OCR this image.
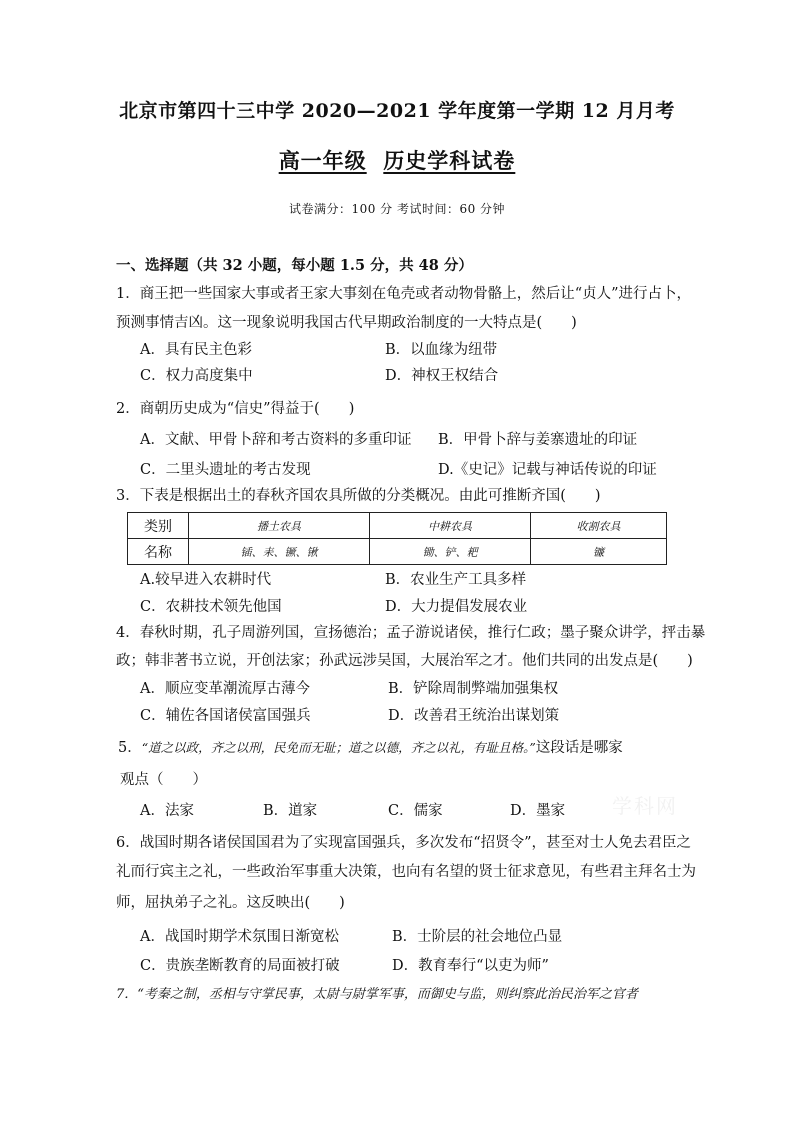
北京市第四十三中学 2020—2021 学年度第一学期 12 月月考
高一年级 历史学科试卷
试卷满分：100 分 考试时间：60 分钟
一、选择题（共 32 小题，每小题 1.5 分，共 48 分）
1．商王把一些国家大事或者王家大事刻在龟壳或者动物骨骼上，然后让“贞人”进行占卜，
预测事情吉凶。这一现象说明我国古代早期政治制度的一大特点是(　　)
A．具有民主色彩	B．以血缘为纽带
C．权力高度集中	D．神权王权结合
2．商朝历史成为“信史”得益于(　　)
A．文献、甲骨卜辞和考古资料的多重印证 B．甲骨卜辞与姜寨遗址的印证
C．二里头遗址的考古发现	D.《史记》记载与神话传说的印证
3．下表是根据出土的春秋齐国农具所做的分类概况。由此可推断齐国(　　)
类别	播土农具	中耕农具	收割农具
名称	锸、耒、镢、锹	锄、铲、耙	镰
A.较早进入农耕时代	B．农业生产工具多样
C．农耕技术领先他国	D．大力提倡发展农业
4．春秋时期，孔子周游列国，宣扬德治；孟子游说诸侯，推行仁政；墨子聚众讲学，抨击暴
政；韩非著书立说，开创法家；孙武远涉吴国，大展治军之才。他们共同的出发点是(　　)
A．顺应变革潮流厚古薄今	B．铲除周制弊端加强集权
C．辅佐各国诸侯富国强兵	D．改善君王统治出谋划策
5．“道之以政，齐之以刑，民免而无耻；道之以德，齐之以礼，有耻且格。”这段话是哪家
观点（　　）
A．法家	B．道家	C．儒家	D．墨家
6．战国时期各诸侯国国君为了实现富国强兵，多次发布“招贤令”，甚至对士人免去君臣之
礼而行宾主之礼，一些政治军事重大决策，也向有名望的贤士征求意见，有些君主拜名士为
师，屈执弟子之礼。这反映出(　　)
A．战国时期学术氛围日渐宽松	B．士阶层的社会地位凸显
C．贵族垄断教育的局面被打破	D．教育奉行“以吏为师”
7．“考秦之制，丞相与守掌民事，太尉与尉掌军事，而御史与监，则纠察此治民治军之官者
学科网
